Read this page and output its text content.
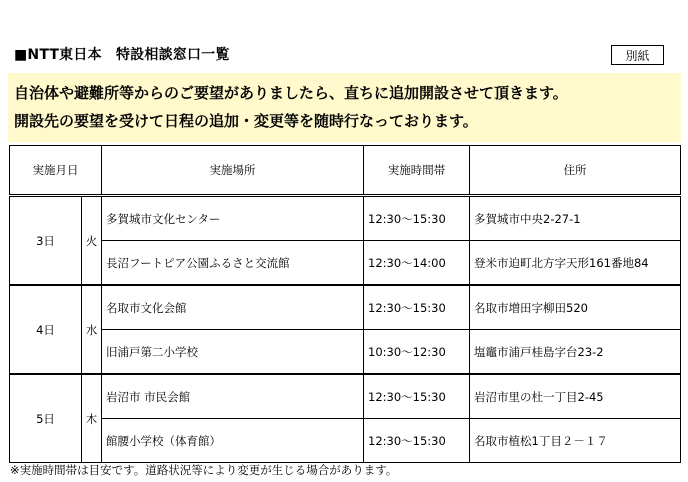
■NTT東日本　特設相談窓口一覧	別紙
自治体や避難所等からのご要望がありましたら、直ちに追加開設させて頂きます。
開設先の要望を受けて日程の追加・変更等を随時行なっております。
実施月日		実施場所	実施時間帯	住所
3日	火	多賀城市文化センター	12:30～15:30	多賀城市中央2-27-1
		長沼フートピア公園ふるさと交流館	12:30～14:00	登米市迫町北方字天形161番地84
4日	水	名取市文化会館	12:30～15:30	名取市増田字柳田520
		旧浦戸第二小学校	10:30～12:30	塩竈市浦戸桂島字台23-2
5日	木	岩沼市 市民会館	12:30～15:30	岩沼市里の杜一丁目2-45
		館腰小学校（体育館）	12:30～15:30	名取市植松1丁目２－１７
※実施時間帯は目安です。道路状況等により変更が生じる場合があります。
